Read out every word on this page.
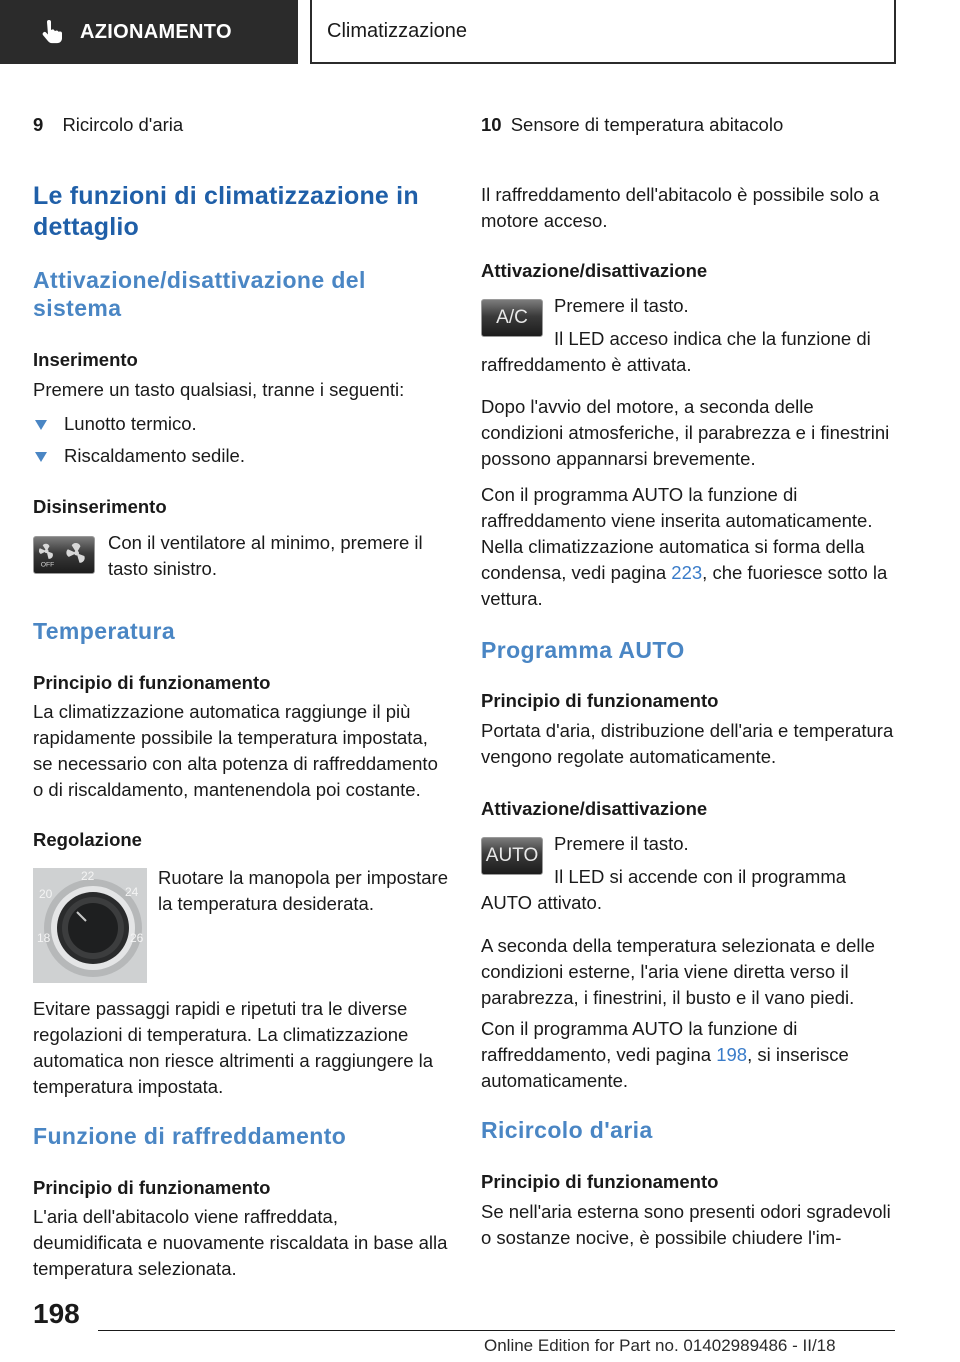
AZIONAMENTO	Climatizzazione
9 Ricircolo d'aria
Le funzioni di climatizzazione in dettaglio
Attivazione/disattivazione del sistema
Inserimento
Premere un tasto qualsiasi, tranne i seguenti:
Lunotto termico.
Riscaldamento sedile.
Disinserimento
OFF
Con il ventilatore al minimo, premere il tasto sinistro.
Temperatura
Principio di funzionamento
La climatizzazione automatica raggiunge il più rapidamente possibile la temperatura impostata, se necessario con alta potenza di raffreddamento o di riscaldamento, mantenendola poi costante.
Regolazione
18
20
22
24
26
Ruotare la manopola per impostare la temperatura desiderata.
Evitare passaggi rapidi e ripetuti tra le diverse regolazioni di temperatura. La climatizzazione automatica non riesce altrimenti a raggiungere la temperatura impostata.
Funzione di raffreddamento
Principio di funzionamento
L'aria dell'abitacolo viene raffreddata, deumidificata e nuovamente riscaldata in base alla temperatura selezionata.
10 Sensore di temperatura abitacolo
Il raffreddamento dell'abitacolo è possibile solo a motore acceso.
Attivazione/disattivazione
A/C
Premere il tasto.
Il LED acceso indica che la funzione di raffreddamento è attivata.
Dopo l'avvio del motore, a seconda delle condizioni atmosferiche, il parabrezza e i finestrini possono appannarsi brevemente.
Con il programma AUTO la funzione di raffreddamento viene inserita automaticamente.
Nella climatizzazione automatica si forma della condensa, vedi pagina 223, che fuoriesce sotto la vettura.
Programma AUTO
Principio di funzionamento
Portata d'aria, distribuzione dell'aria e temperatura vengono regolate automaticamente.
Attivazione/disattivazione
AUTO
Premere il tasto.
Il LED si accende con il programma AUTO attivato.
A seconda della temperatura selezionata e delle condizioni esterne, l'aria viene diretta verso il parabrezza, i finestrini, il busto e il vano piedi.
Con il programma AUTO la funzione di raffreddamento, vedi pagina 198, si inserisce automaticamente.
Ricircolo d'aria
Principio di funzionamento
Se nell'aria esterna sono presenti odori sgradevoli o sostanze nocive, è possibile chiudere l'im-
198
Online Edition for Part no. 01402989486 - II/18
